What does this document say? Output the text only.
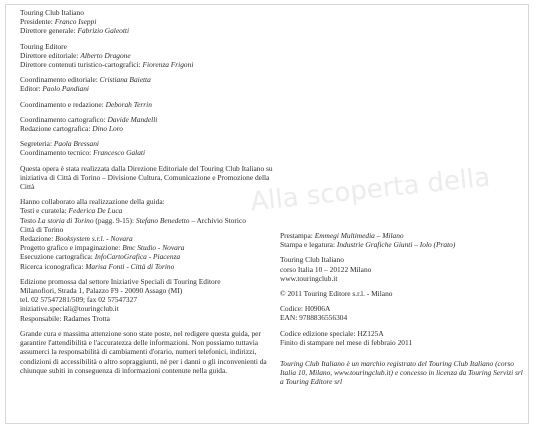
Alla scoperta della
Touring Club Italiano
Presidente: Franco Iseppi
Direttore generale: Fabrizio Galeotti
Touring Editore
Direttore editoriale: Alberto Dragone
Direttore contenuti turistico-cartografici: Fiorenza Frigoni
Coordinamento editoriale: Cristiana Baietta
Editor: Paolo Pandiani
Coordinamento e redazione: Deborah Terrin
Coordinamento cartografico: Davide Mandelli
Redazione cartografica: Dino Loro
Segreteria: Paola Bressani
Coordinamento tecnico: Francesco Galati
Questa opera è stata realizzata dalla Direzione Editoriale del Touring Club Italiano su iniziativa di Città di Torino – Divisione Cultura, Comunicazione e Promozione della Città
Hanno collaborato alla realizzazione della guida:
Testi e curatela: Federica De Luca
Testo La storia di Torino (pagg. 9-15): Stefano Benedetto – Archivio Storico
Città di Torino
Redazione: Booksystem s.r.l. - Novara
Progetto grafico e impaginazione: Bmc Studio - Novara
Esecuzione cartografica: InfoCartoGrafica - Piacenza
Ricerca iconografica: Marisa Fonti - Città di Torino
Edizione promossa dal settore Iniziative Speciali di Touring Editore
Milanofiori, Strada 1, Palazzo F9 - 20090 Assago (MI)
tel. 02 57547281/509; fax 02 57547327
iniziative.speciali@touringclub.it
Responsabile: Radames Trotta
Grande cura e massima attenzione sono state poste, nel redigere questa guida, per garantire l'attendibilità e l'accuratezza delle informazioni. Non possiamo tuttavia assumerci la responsabilità di cambiamenti d'orario, numeri telefonici, indirizzi, condizioni di accessibilità o altro sopraggiunti, né per i danni o gli inconvenienti da chiunque subiti in conseguenza di informazioni contenute nella guida.
Prestampa: Emmegi Multimedia – Milano
Stampa e legatura: Industrie Grafiche Giunti – Iolo (Prato)
Touring Club Italiano
corso Italia 10 – 20122 Milano
www.touringclub.it
© 2011 Touring Editore s.r.l. - Milano
Codice: H0906A
EAN: 9788836556304
Codice edizione speciale: HZ125A
Finito di stampare nel mese di febbraio 2011
Touring Club Italiano è un marchio registrato del Touring Club Italiano (corso Italia 10, Milano, www.touringclub.it) e concesso in licenza da Touring Servizi srl a Touring Editore srl
